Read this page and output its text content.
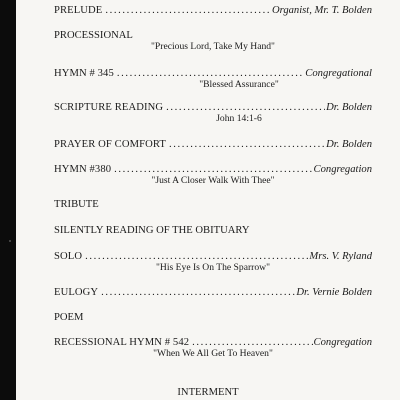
PRELUDE .....	Organist, Mr. T. Bolden
PROCESSIONAL
"Precious Lord, Take My Hand"
HYMN # 345 .....	Congregational
"Blessed Assurance"
SCRIPTURE READING .....	Dr. Bolden
John 14:1-6
PRAYER OF COMFORT .....	Dr. Bolden
HYMN #380 .....	Congregation
"Just A Closer Walk With Thee"
TRIBUTE
SILENTLY READING OF THE OBITUARY
SOLO .....	Mrs. V. Ryland
"His Eye Is On The Sparrow"
EULOGY .....	Dr. Vernie Bolden
POEM
RECESSIONAL HYMN # 542 .....	Congregation
"When We All Get To Heaven"
INTERMENT
